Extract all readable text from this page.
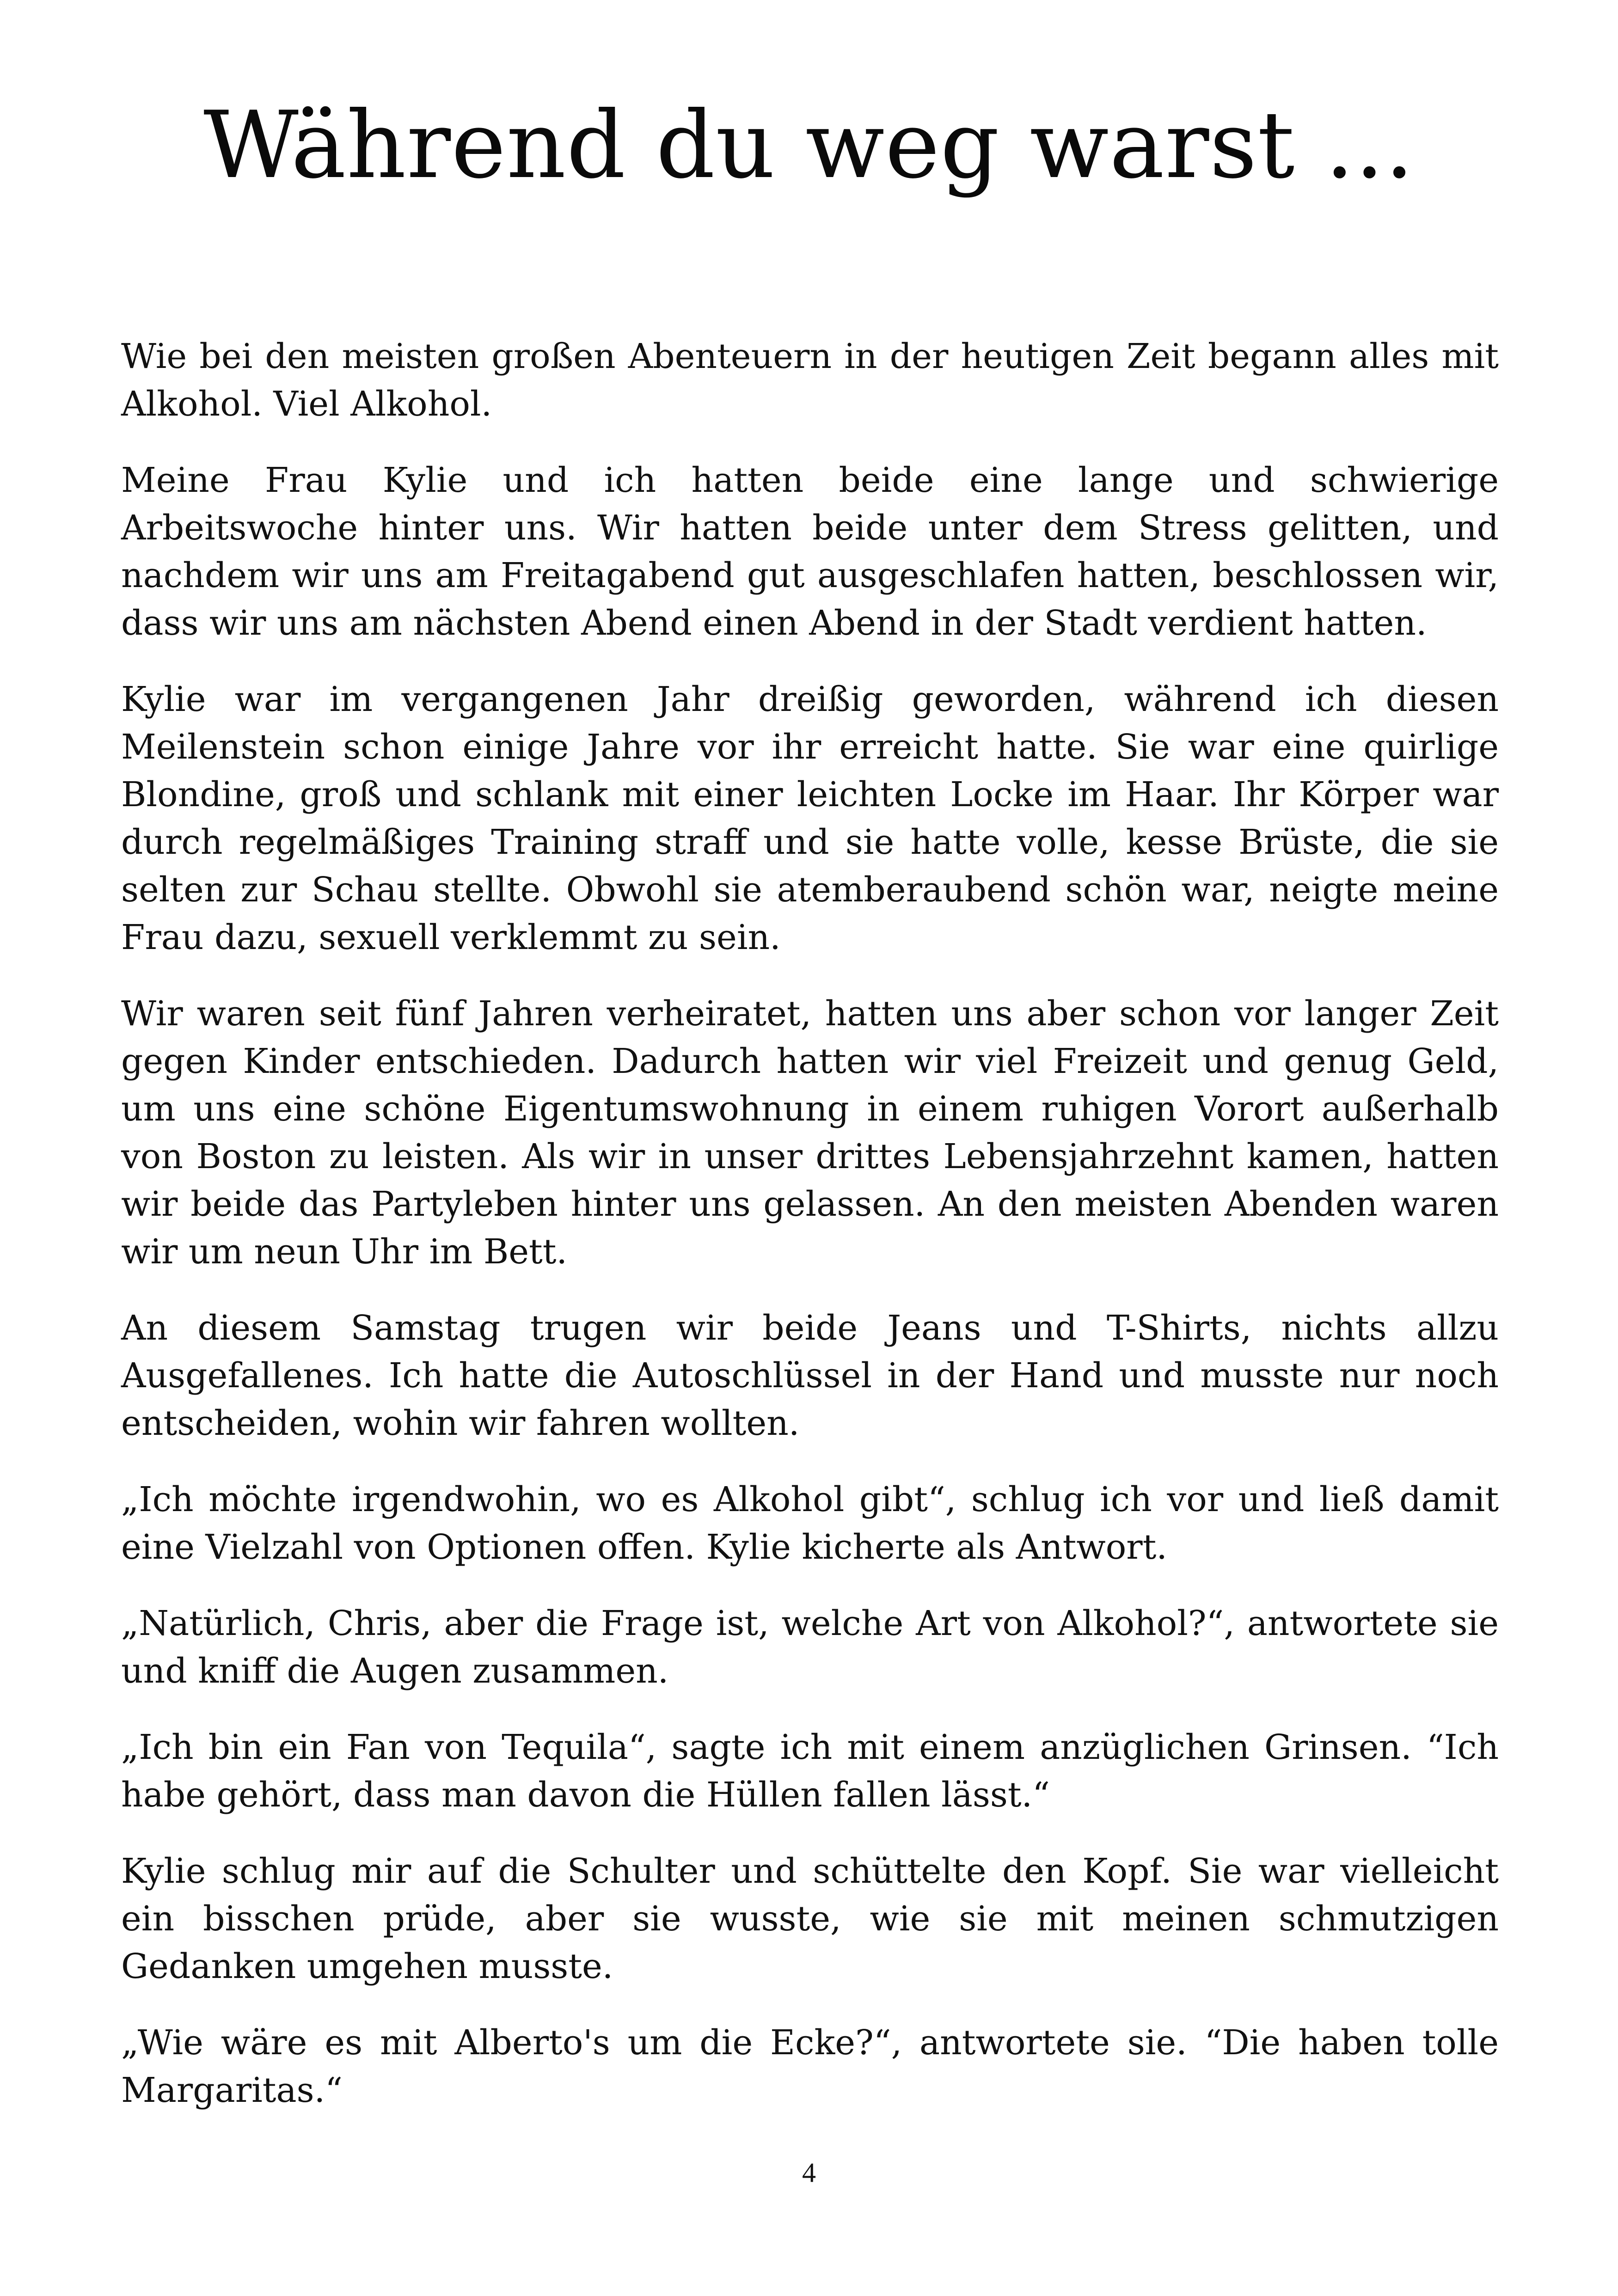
Während du weg warst ...

Wie bei den meisten großen Abenteuern in der heutigen Zeit begann alles mit Alkohol. Viel Alkohol.

Meine Frau Kylie und ich hatten beide eine lange und schwierige Arbeitswoche hinter uns. Wir hatten beide unter dem Stress gelitten, und nachdem wir uns am Freitagabend gut ausgeschlafen hatten, beschlossen wir, dass wir uns am nächsten Abend einen Abend in der Stadt verdient hatten.

Kylie war im vergangenen Jahr dreißig geworden, während ich diesen Meilenstein schon einige Jahre vor ihr erreicht hatte. Sie war eine quirlige Blondine, groß und schlank mit einer leichten Locke im Haar. Ihr Körper war durch regelmäßiges Training straff und sie hatte volle, kesse Brüste, die sie selten zur Schau stellte. Obwohl sie atemberaubend schön war, neigte meine Frau dazu, sexuell verklemmt zu sein.

Wir waren seit fünf Jahren verheiratet, hatten uns aber schon vor langer Zeit gegen Kinder entschieden. Dadurch hatten wir viel Freizeit und genug Geld, um uns eine schöne Eigentumswohnung in einem ruhigen Vorort außerhalb von Boston zu leisten. Als wir in unser drittes Lebensjahrzehnt kamen, hatten wir beide das Partyleben hinter uns gelassen. An den meisten Abenden waren wir um neun Uhr im Bett.

An diesem Samstag trugen wir beide Jeans und T-Shirts, nichts allzu Ausgefallenes. Ich hatte die Autoschlüssel in der Hand und musste nur noch entscheiden, wohin wir fahren wollten.

„Ich möchte irgendwohin, wo es Alkohol gibt“, schlug ich vor und ließ damit eine Vielzahl von Optionen offen. Kylie kicherte als Antwort.

„Natürlich, Chris, aber die Frage ist, welche Art von Alkohol?“, antwortete sie und kniff die Augen zusammen.

„Ich bin ein Fan von Tequila“, sagte ich mit einem anzüglichen Grinsen. “Ich habe gehört, dass man davon die Hüllen fallen lässt.“

Kylie schlug mir auf die Schulter und schüttelte den Kopf. Sie war vielleicht ein bisschen prüde, aber sie wusste, wie sie mit meinen schmutzigen Gedanken umgehen musste.

„Wie wäre es mit Alberto's um die Ecke?“, antwortete sie. “Die haben tolle Margaritas.“

4
